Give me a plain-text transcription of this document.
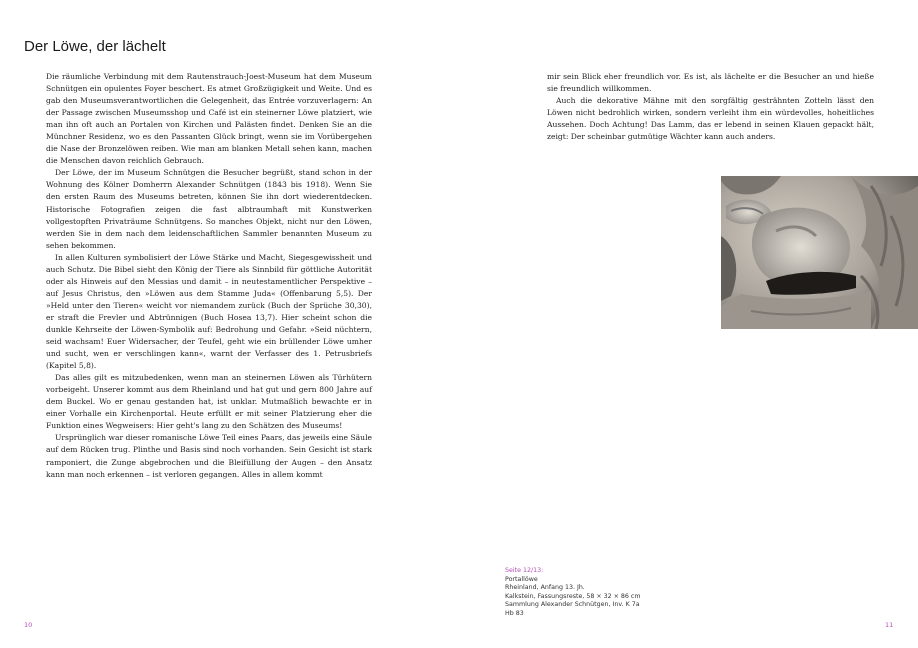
Der Löwe, der lächelt

Die räumliche Verbindung mit dem Rautenstrauch-Joest-Museum hat dem Museum Schnütgen ein opulentes Foyer beschert. Es atmet Großzügigkeit und Weite. Und es gab den Museumsverantwortlichen die Gelegenheit, das Entrée vorzuverlagern: An der Passage zwischen Museumsshop und Café ist ein steinerner Löwe platziert, wie man ihn oft auch an Portalen von Kirchen und Palästen findet. Denken Sie an die Münchner Residenz, wo es den Passanten Glück bringt, wenn sie im Vorübergehen die Nase der Bronzelöwen reiben. Wie man am blanken Metall sehen kann, machen die Menschen davon reichlich Gebrauch.

Der Löwe, der im Museum Schnütgen die Besucher begrüßt, stand schon in der Wohnung des Kölner Domherrn Alexander Schnütgen (1843 bis 1918). Wenn Sie den ersten Raum des Museums betreten, können Sie ihn dort wiederentdecken. Historische Fotografien zeigen die fast albtraumhaft mit Kunstwerken vollgestopften Privaträume Schnütgens. So manches Objekt, nicht nur den Löwen, werden Sie in dem nach dem leidenschaftlichen Sammler benannten Museum zu sehen bekommen.

In allen Kulturen symbolisiert der Löwe Stärke und Macht, Siegesgewissheit und auch Schutz. Die Bibel sieht den König der Tiere als Sinnbild für göttliche Autorität oder als Hinweis auf den Messias und damit – in neutestamentlicher Perspektive – auf Jesus Christus, den »Löwen aus dem Stamme Juda« (Offenbarung 5,5). Der »Held unter den Tieren« weicht vor niemandem zurück (Buch der Sprüche 30,30), er straft die Frevler und Abtrünnigen (Buch Hosea 13,7). Hier scheint schon die dunkle Kehrseite der Löwen-Symbolik auf: Bedrohung und Gefahr. »Seid nüchtern, seid wachsam! Euer Widersacher, der Teufel, geht wie ein brüllender Löwe umher und sucht, wen er verschlingen kann«, warnt der Verfasser des 1. Petrusbriefs (Kapitel 5,8).

Das alles gilt es mitzubedenken, wenn man an steinernen Löwen als Türhütern vorbeigeht. Unserer kommt aus dem Rheinland und hat gut und gern 800 Jahre auf dem Buckel. Wo er genau gestanden hat, ist unklar. Mutmaßlich bewachte er in einer Vorhalle ein Kirchenportal. Heute erfüllt er mit seiner Platzierung eher die Funktion eines Wegweisers: Hier geht's lang zu den Schätzen des Museums!

Ursprünglich war dieser romanische Löwe Teil eines Paars, das jeweils eine Säule auf dem Rücken trug. Plinthe und Basis sind noch vorhanden. Sein Gesicht ist stark ramponiert, die Zunge abgebrochen und die Bleifüllung der Augen – den Ansatz kann man noch erkennen – ist verloren gegangen. Alles in allem kommt

mir sein Blick eher freundlich vor. Es ist, als lächelte er die Besucher an und hieße sie freundlich willkommen.

Auch die dekorative Mähne mit den sorgfältig gesträhnten Zotteln lässt den Löwen nicht bedrohlich wirken, sondern verleiht ihm ein würdevolles, hoheitliches Aussehen. Doch Achtung! Das Lamm, das er lebend in seinen Klauen gepackt hält, zeigt: Der scheinbar gutmütige Wächter kann auch anders.

Seite 12/13:
Portallöwe
Rheinland, Anfang 13. Jh.
Kalkstein, Fassungsreste, 58 × 32 × 86 cm
Sammlung Alexander Schnütgen, Inv. K 7a
Hb 83
10	11
